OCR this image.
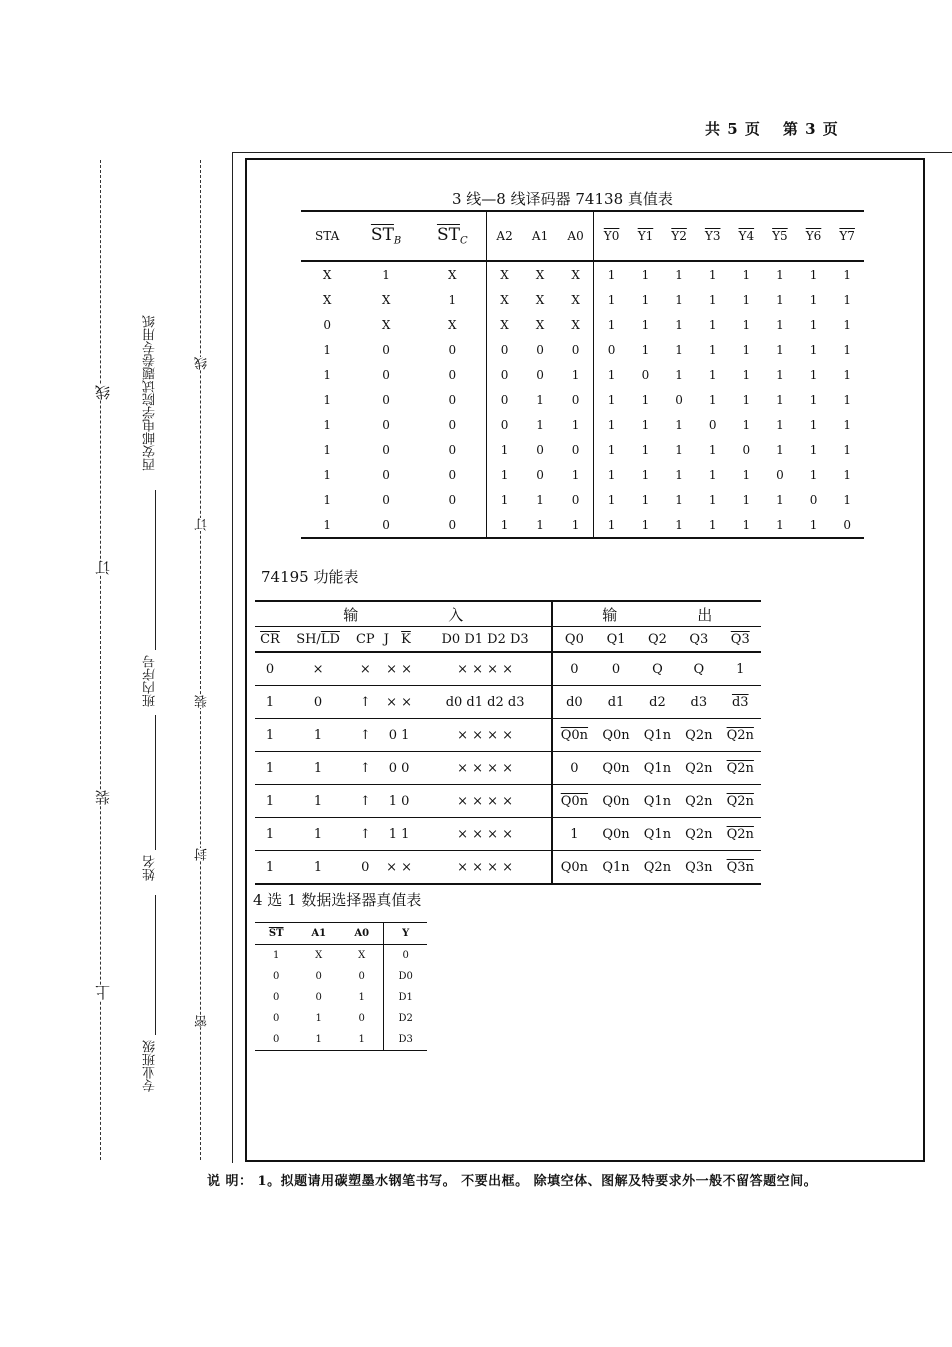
共 5 页 第 3 页
上
装
订
线
密
封
装
订
线
专业班级
姓名
班内序号
西安邮电学院试题卷专用纸
3 线—8 线译码器 74138 真值表
STA	$\overline{ST}_B$	$\overline{ST}_C$	A2	A1	A0	Y0	Y1	Y2	Y3	Y4	Y5	Y6	Y7
X	1	X	X	X	X	1	1	1	1	1	1	1	1
X	X	1	X	X	X	1	1	1	1	1	1	1	1
0	X	X	X	X	X	1	1	1	1	1	1	1	1
1	0	0	0	0	0	0	1	1	1	1	1	1	1
1	0	0	0	0	1	1	0	1	1	1	1	1	1
1	0	0	0	1	0	1	1	0	1	1	1	1	1
1	0	0	0	1	1	1	1	1	0	1	1	1	1
1	0	0	1	0	0	1	1	1	1	0	1	1	1
1	0	0	1	0	1	1	1	1	1	1	0	1	1
1	0	0	1	1	0	1	1	1	1	1	1	0	1
1	0	0	1	1	1	1	1	1	1	1	1	1	0
74195 功能表
输 入						输 出				
$\overline{CR}$	$SH/\overline{LD}$	CP	J	$\overline{K}$	D0 D1 D2 D3	Q0	Q1	Q2	Q3	Q3
0	×	×	× ×		× × × ×	0	0	Q	Q	1
1	0	↑	× ×		d0 d1 d2 d3	d0	d1	d2	d3	d3
1	1	↑	0 1		× × × ×	Q0n	Q0n	Q1n	Q2n	Q2n
1	1	↑	0 0		× × × ×	0	Q0n	Q1n	Q2n	Q2n
1	1	↑	1 0		× × × ×	Q0n	Q0n	Q1n	Q2n	Q2n
1	1	↑	1 1		× × × ×	1	Q0n	Q1n	Q2n	Q2n
1	1	0	× ×		× × × ×	Q0n	Q1n	Q2n	Q3n	Q3n
4 选 1 数据选择器真值表
$\overline{ST}$	A1	A0	Y
1	X	X	0
0	0	0	D0
0	0	1	D1
0	1	0	D2
0	1	1	D3
说 明： 1。拟题请用碳塑墨水钢笔书写。 不要出框。 除填空体、图解及特要求外一般不留答题空间。
